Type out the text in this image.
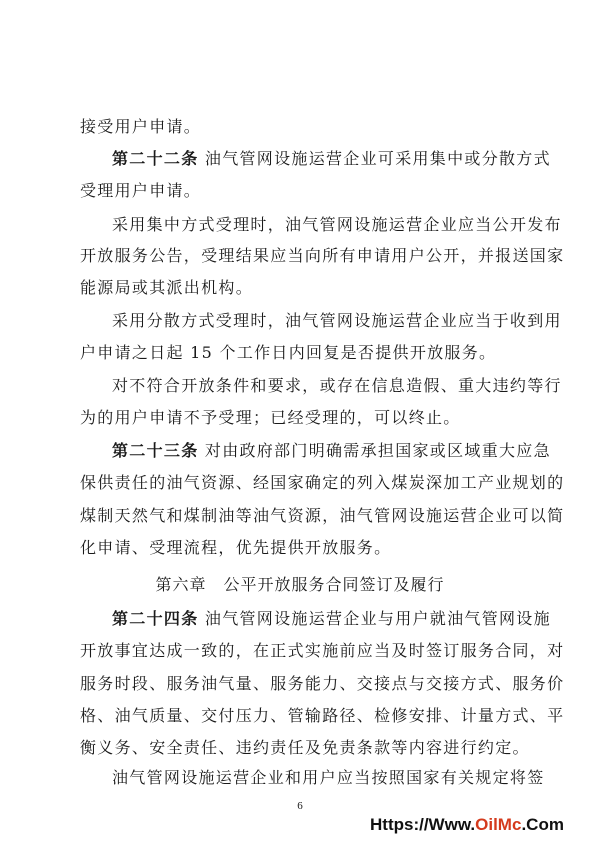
接受用户申请。
第二十二条 油气管网设施运营企业可采用集中或分散方式
受理用户申请。
采用集中方式受理时，油气管网设施运营企业应当公开发布
开放服务公告，受理结果应当向所有申请用户公开，并报送国家
能源局或其派出机构。
采用分散方式受理时，油气管网设施运营企业应当于收到用
户申请之日起 15 个工作日内回复是否提供开放服务。
对不符合开放条件和要求，或存在信息造假、重大违约等行
为的用户申请不予受理；已经受理的，可以终止。
第二十三条 对由政府部门明确需承担国家或区域重大应急
保供责任的油气资源、经国家确定的列入煤炭深加工产业规划的
煤制天然气和煤制油等油气资源，油气管网设施运营企业可以简
化申请、受理流程，优先提供开放服务。
第六章　公平开放服务合同签订及履行
第二十四条 油气管网设施运营企业与用户就油气管网设施
开放事宜达成一致的，在正式实施前应当及时签订服务合同，对
服务时段、服务油气量、服务能力、交接点与交接方式、服务价
格、油气质量、交付压力、管输路径、检修安排、计量方式、平
衡义务、安全责任、违约责任及免责条款等内容进行约定。
油气管网设施运营企业和用户应当按照国家有关规定将签
6
Https://Www.OilMc.Com
